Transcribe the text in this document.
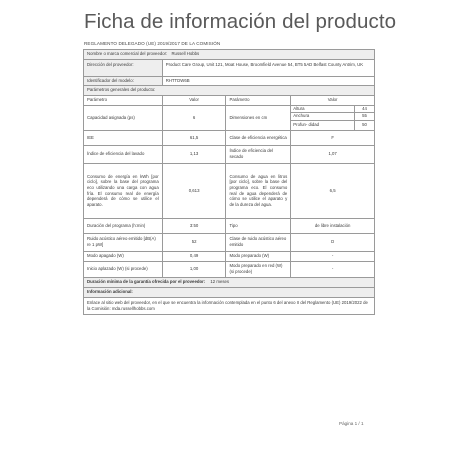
Ficha de información del producto
REGLAMENTO DELEGADO (UE) 2019/2017 DE LA COMISIÓN
Nombre o marca comercial del proveedor: Russell Hobbs
Dirección del proveedor:	Product Care Group, Unit 121, Moat House, Broomfield Avenue 54, BT5 5AD Belfast County Antrim, UK
Identificador del modelo:	RHTTDW6B
Parámetros generales del producto:
Parámetro	Valor	Parámetro	Valor
Capacidad asignada (ps)	6	Dimensiones en cm	
Altura	44
Anchura	55
Profun- didad	50

IEE	61,5	Clase de eficiencia energética	F
Índice de eficiencia del lavado	1,13	Índice de eficiencia del secado	1,07
Consumo de energía en kWh [por ciclo], sobre la base del programa eco utilizando una carga con agua fría. El consumo real de energía dependerá de cómo se utilice el aparato.	0,613	Consumo de agua en litros [por ciclo], sobre la base del programa eco. El consumo real de agua dependerá de cómo se utilice el aparato y de la dureza del agua.	6,5
Duración del programa (h:min)	3:50	Tipo	de libre instalación
Ruido acústico aéreo emitido [dB(A) re 1 pW]	52	Clase de ruido acústico aéreo emitido	D
Modo apagado (W)	0,49	Modo preparado (W)	-
Inicio aplazado (W) (si procede)	1,00	Modo preparado en red (W) (si procede)	-
Duración mínima de la garantía ofrecida por el proveedor: 12 meses
Información adicional:
Enlace al sitio web del proveedor, en el que se encuentra la información contemplada en el punto 6 del anexo II del Reglamento (UE) 2019/2022 de la Comisión: mda.russellhobbs.com
Página 1 / 1
